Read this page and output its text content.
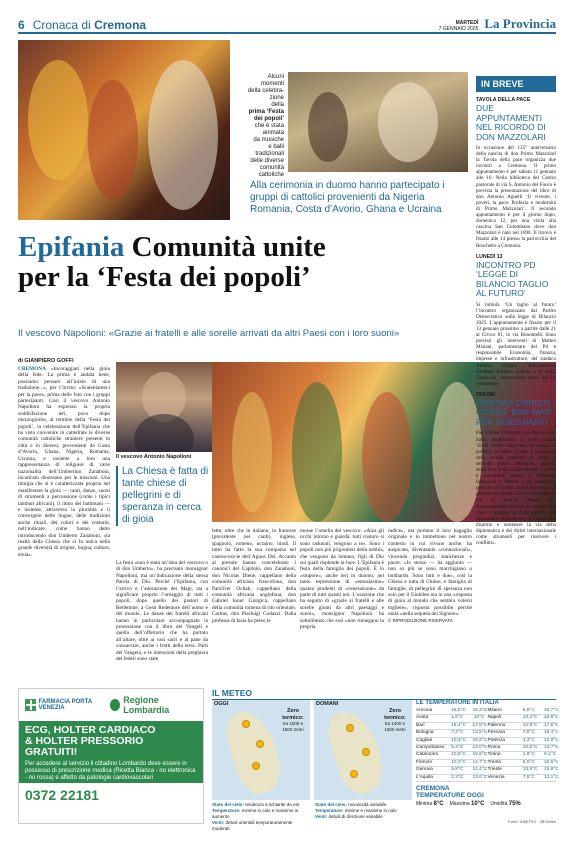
6 Cronaca di Cremona	MARTEDÌ
7 GENNAIO 2025 La Provincia
Alcuni
momenti
della celebra-
zione
della
prima ‘Festa
dei popoli’
che è stata
animata
da musiche
e balli
tradizionali
delle diverse
comunità
cattoliche
Alla cerimonia in duomo hanno partecipato i gruppi di cattolici provenienti da Nigeria Romania, Costa d’Avorio, Ghana e Ucraina
Epifania Comunità unite
per la ‘Festa dei popoli’
Il vescovo Napolioni: «Grazie ai fratelli e alle sorelle arrivati da altri Paesi con i loro suoni»
di GIANPIERO GOFFI
CREMONA «Incoraggiati nella gioia della fede. La prima è andata bene, possiamo pensare all’inizio di una tradizione...», per l’invito: «Scateniamoci per la pace», prima delle foto con i gruppi partecipanti. Così il vescovo Antonio Napolioni ha espresso la propria soddisfazione ieri, poco dopo mezzogiorno, al termine della ‘Festa dei popoli’, la celebrazione dell’Epifania che ha visto convenire in cattedrale le diverse comunità cattoliche straniere presenti in città e in diocesi, provenienti da Costa d’Avorio, Ghana, Nigeria, Romania, Ucraina, e insieme a loro una rappresentanza di religiose di varie nazionalità dell’Umbertino Zanaboni, incaricato diocesano per le missioni. Una liturgia che si è caratterizzata proprio nel manifestare la gioia — canti, danze, suoni di strumenti a percussione (come i tipici tamburi africani), il ritmo dei battimani — e insieme, attraverso la pluralità e il convergere delle lingue, delle tradizioni anche rituali, dei colori e dei costumi, nell’indicare, come hanno detto introducendo don Umberto Zanaboni, «la realtà della Chiesa che si fa unica nella grande diversità di origine, lingua, cultura, etnia».
Il vescovo Antonio Napolioni
La Chiesa è fatta di tante chiese di pellegrini e di speranza in cerca di gioia
La festa «non è stata un’idea del vescovo o di don Umberto», ha precisato monsignor Napolioni, ma un’indicazione della stessa Parola di Dio. Perché l’Epifania, con l’arrivo e l’adorazione dei Magi, sta a significare proprio l’omaggio di tutti i popoli, dopo quello dei pastori di Betlemme, a Gesù Redentore dell’uomo e del mondo. Le danze dei fratelli africani hanno in particolare accompagnato la processione con il libro dei Vangeli e quella dell’offertorio che ha portato all’altare, oltre ai vasi sacri e al pane da consacrare, anche i frutti della terra. Parti del Vangelo, e le intenzioni della preghiera dei fedeli sono state
lette, oltre che in italiano, in francese (prevalente nei canti), inglese, spagnolo, romeno, ucraino, hindi. Il tutto ha fatto la sua comparsa nel cantoscora-le dell’Agnus Dei. Accanto al presule hanno concelebrato i canonici del Capitolo, don Zanaboni, don Nicolas Diene, cappellano della comunità africana francofona, don Parsilver Ochab, cappellano della comunità africana anglofona, don Gabriel Ionut Giurgica, cappellano della comunità romena di rito orientale, Caritas, don Pierluigi Codazzi. Dalla professa di Isaia ha preso le
mosse l’omelia del vescovo: «Alza gli occhi intorno e guarda: tutti costoro si sono radunati, vengono a te». Sono i popoli non più prigionieri della nebbia, che vengono da lontano, figli di Dio sui quali risplende la luce. L’Epifania è festa della famiglia dei popoli. È lo «stupore», anche ieri in duomo, nel tanto espressione di «entusiasmo» quanto prudenti di «venerazione» da parte di tutti quanti noi. L’orazione che ha seguito di «grazie ai fratelli e alle sorelle giunti da altri paesaggi e suoni», monsignor Napolioni ha sottolineato che essi «non rinnegano la propria
radice», ma portano il loro bagaglio originale e lo immettono nel nostro contesto in cui vivono anche, ha auspicato, diventando «connazionali», vincendo pregiudizi, stanchezze e paure. «Io stesso — ha aggiunto — non so più se sono marchigiano o lombardo. Sono tutti e due», così la Chiesa e tutta di Chiese, e famiglia di famiglie, di pellegrini di speranza non solo per il Giubileo ma in una «risposta di gioia al mondo che sembra volersi togliere», risposta possibile perché unità «nella sequela del Signore».
© RIPRODUZIONE RISERVATA
IN BREVE
TAVOLA DELLA PACE
DUE APPUNTAMENTI NEL RICORDO DI DON MAZZOLARI
In occasione del 135° anniversario della nascita di don Primo Mazzolari la Tavola della pace organizza due incontri a Cremona. Il primo appuntamento è per sabato 11 gennaio alle 16. Nella biblioteca del Centro pastorale di via S. Antonio del Fuoco è prevista la presentazione del libro di don Antonio Agnelli ‘Il vivente, i poveri, la pace. Profezia e modernità di Primo Mazzolari’. Il secondo appuntamento è per il giorno dopo, domenica 12, per una visita alla cascina San Colombano dove don Mazzolari è nato nel 1890. Il ritrovo è fissato alle 14 presso la parrocchia del Boschetto a Cremona.
LUNEDÌ 13
INCONTRO PD ‘LEGGE DI BILANCIO TAGLIO AL FUTURO’
Si intitola ‘Un taglio al futuro’ l’incontro organizzato dal Partito Democratico sulla legge di Bilancio 2025. L’appuntamento è fissato per il 13 gennaio prossimo a partire dalle 21 al Civico 81, in via Bonomelli. Sono previsti gli interventi di Matteo Misiani, parlamentare del Pd e responsabile Economia, finanza, imprese e infrastrutture, del sindaco Andrea Virgilio dell’assessore cittadino Roberto Galletti e di Sofia Tagliavini, responsabile esteri del Pd cremonese.
ONLINE
CON PAX CHRISTI CORSO ‘BAN WAR’ PER INSEGNANTI
Pax Christi Cremona con Pax Christi Italia organizzano il corso online ‘BAN WAR: disarmare le menti, la politica, le mani’ rivolto a insegnanti delle scuole superiori di primo e secondo grado, educatori, attivisti della Pace e dei Diritti umani. Il corso è accreditato presso il Ministero Istruzione e Merito e gli insegnanti possono iscriversi anche attraverso la piattaforma Sofia. «In un momento in cui la guerra sempre più frequentemente diventa la risposta alle crisi — spiegano gli organizzatori — è importante promuovere la cultura del disarmo e sostenere la via della diplomatica e dei diritti internazionale come strumenti per risolvere i conflitti».
FARMACIA PORTA VENEZIA
Regione Lombardia
ECG, HOLTER CARDIACO
& HOLTER PRESSORIO
GRATUITI!
Per accedere al servizio il cittadino Lombardo deve essere in possesso di prescrizione medica (Ricetta Bianca - no elettronica - no rossa) e affetto da patologie cardiovascolari
0372 22181
IL METEO
OGGI
Zero termico:
tra 1500 e 1800 metri
DOMANI
Zero termico:
tra 1400 e 1500 metri
Stato del cielo: tendenza a schiarite da est
Temperature: minime in calo e massime in aumento
Venti: deboli orientali temporaneamente moderati
Stato del cielo: nuvolosità variabile
Temperature: minime e massime in calo
Venti: deboli di direzione variabile
LE TEMPERATURE IN ITALIA
Ancona	15,5°C 16,3°C Milano	6,9°C 10,7°C
Aosta	1,6°C 10°C Napoli	13,4°C 16,6°C
Bari	16,4°C 17,8°C Palermo	12,9°C 17,5°C
Bologna	7,2°C 13,5°C Pescara	7,8°C 16,4°C
Cagliari	10,3°C 18,3°C Potenza	4,3°C 12,8°C
Campobasso 6,4°C 13,0°C Roma	10,8°C 14,7°C
Catanzaro	10,9°C 16,6°C Torino	1,8°C 9,1°C
Firenze	10,3°C 14,7°C Trento	6,0°C 10,5°C
Genova	5,8°C 12,4°C Trieste	13,9°C 15,9°C
L'Aquila	2,3°C 13,6°C Venezia	7,5°C 12,1°C
CREMONA
TEMPERATURE OGGI
Minima 8°C Massima 10°C Umidità 75%
Fonte: ILMETEO · 3B Meteo
